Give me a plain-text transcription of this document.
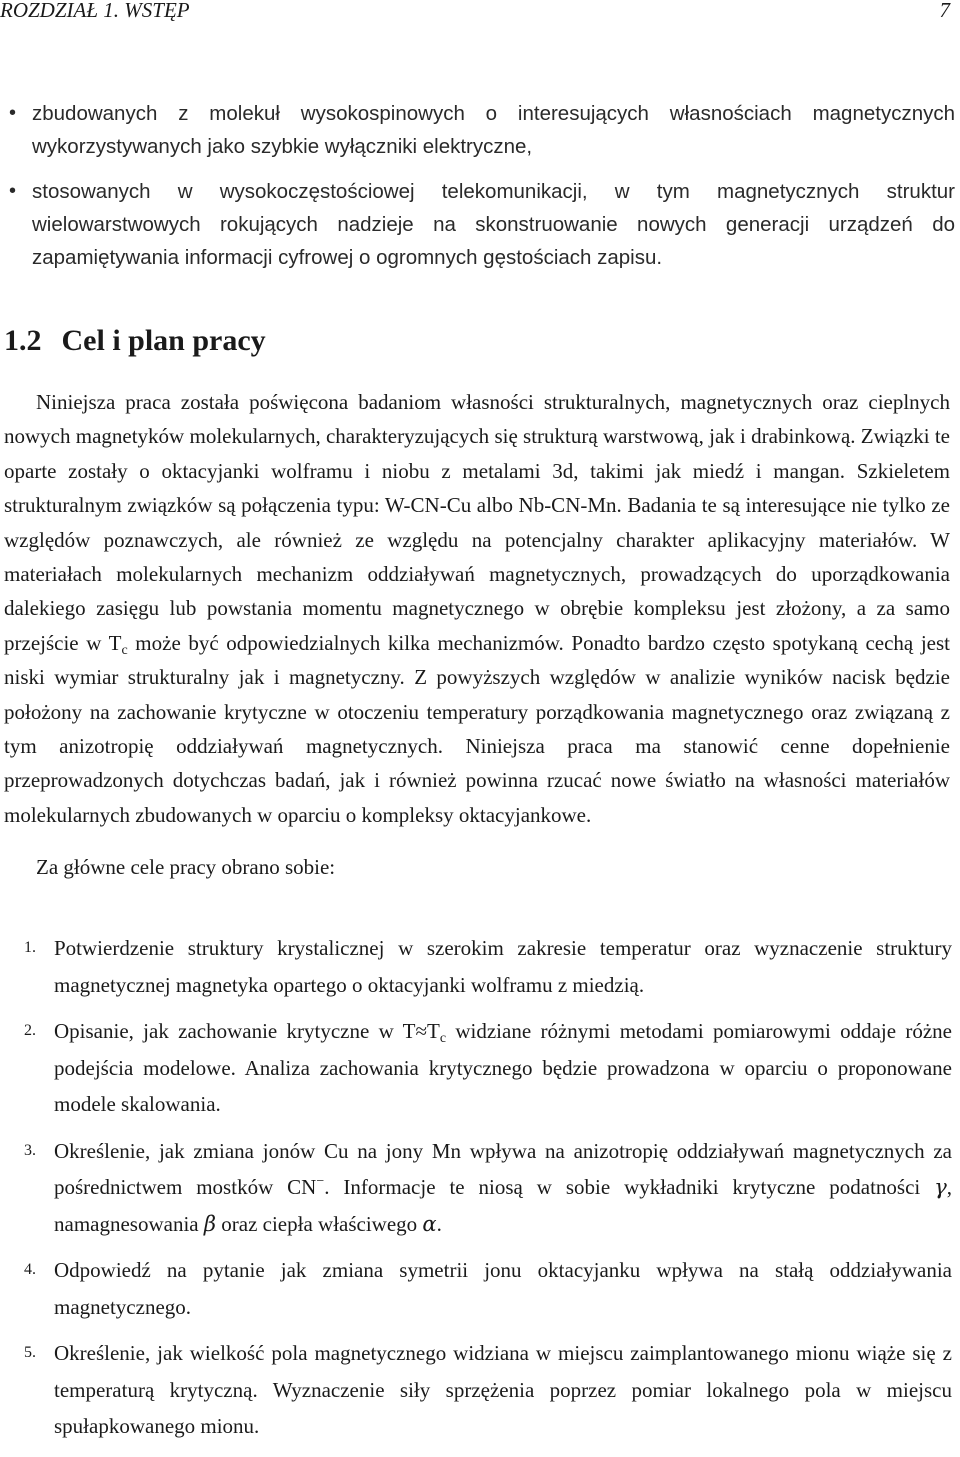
ROZDZIAŁ 1. WSTĘP	7
• zbudowanych z molekuł wysokospinowych o interesujących własnościach magnetycznych wykorzystywanych jako szybkie wyłączniki elektryczne,
• stosowanych w wysokoczęstościowej telekomunikacji, w tym magnetycznych struktur wielowarstwowych rokujących nadzieje na skonstruowanie nowych generacji urządzeń do zapamiętywania informacji cyfrowej o ogromnych gęstościach zapisu.
1.2 Cel i plan pracy

Niniejsza praca została poświęcona badaniom własności strukturalnych, magnetycznych oraz cieplnych nowych magnetyków molekularnych, charakteryzujących się strukturą warstwową, jak i drabinkową. Związki te oparte zostały o oktacyjanki wolframu i niobu z metalami 3d, takimi jak miedź i mangan. Szkieletem strukturalnym związków są połączenia typu: W-CN-Cu albo Nb-CN-Mn. Badania te są interesujące nie tylko ze względów poznawczych, ale również ze względu na potencjalny charakter aplikacyjny materiałów. W materiałach molekularnych mechanizm oddziaływań magnetycznych, prowadzących do uporządkowania dalekiego zasięgu lub powstania momentu magnetycznego w obrębie kompleksu jest złożony, a za samo przejście w $T_c$ może być odpowiedzialnych kilka mechanizmów. Ponadto bardzo często spotykaną cechą jest niski wymiar strukturalny jak i magnetyczny. Z powyższych względów w analizie wyników nacisk będzie położony na zachowanie krytyczne w otoczeniu temperatury porządkowania magnetycznego oraz związaną z tym anizotropię oddziaływań magnetycznych. Niniejsza praca ma stanowić cenne dopełnienie przeprowadzonych dotychczas badań, jak i również powinna rzucać nowe światło na własności materiałów molekularnych zbudowanych w oparciu o kompleksy oktacyjankowe.

Za główne cele pracy obrano sobie:

1. Potwierdzenie struktury krystalicznej w szerokim zakresie temperatur oraz wyznaczenie struktury magnetycznej magnetyka opartego o oktacyjanki wolframu z miedzią.
2. Opisanie, jak zachowanie krytyczne w $T\approx T_c$ widziane różnymi metodami pomiarowymi oddaje różne podejścia modelowe. Analiza zachowania krytycznego będzie prowadzona w oparciu o proponowane modele skalowania.
3. Określenie, jak zmiana jonów Cu na jony Mn wpływa na anizotropię oddziaływań magnetycznych za pośrednictwem mostków CN−. Informacje te niosą w sobie wykładniki krytyczne podatności γ, namagnesowania β oraz ciepła właściwego α.
4. Odpowiedź na pytanie jak zmiana symetrii jonu oktacyjanku wpływa na stałą oddziaływania magnetycznego.
5. Określenie, jak wielkość pola magnetycznego widziana w miejscu zaimplantowanego mionu wiąże się z temperaturą krytyczną. Wyznaczenie siły sprzężenia poprzez pomiar lokalnego pola w miejscu spułapkowanego mionu.
